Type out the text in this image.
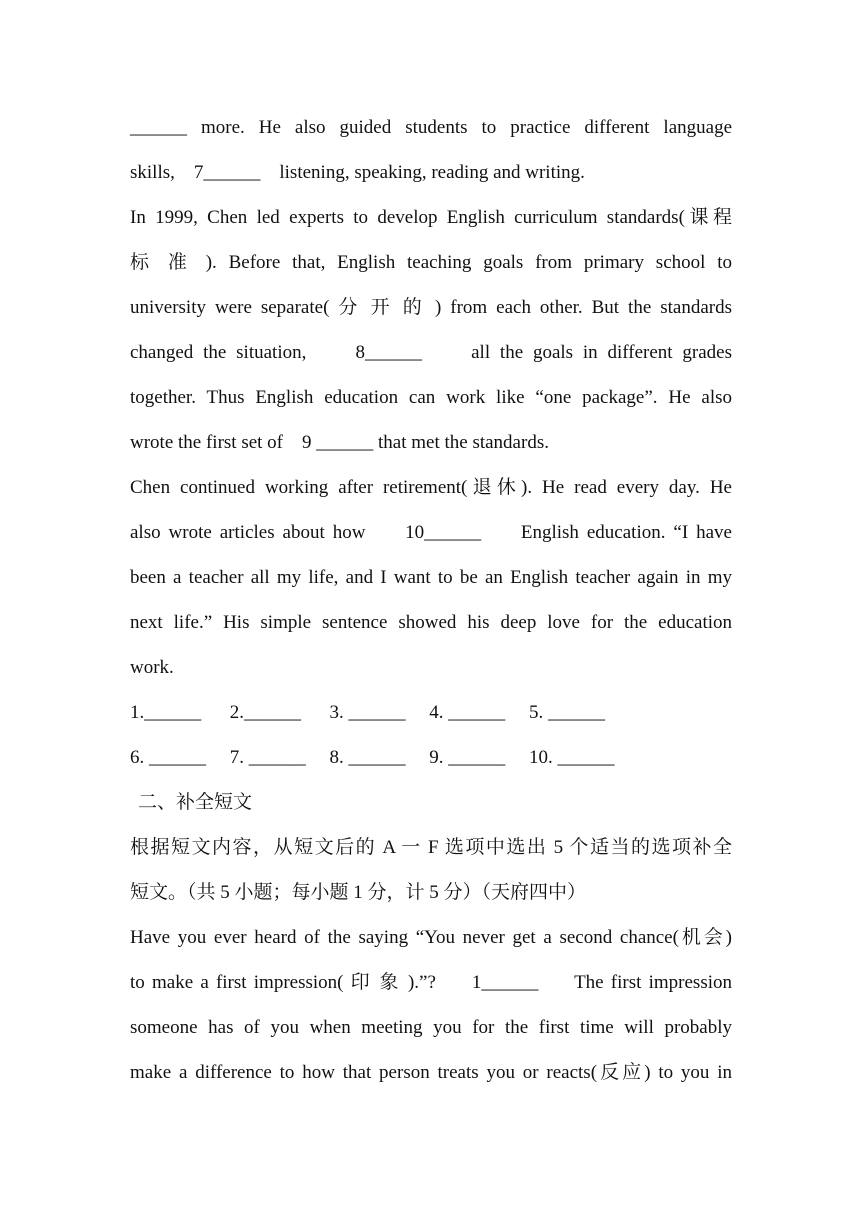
______ more. He also guided students to practice different language
skills,    7______    listening, speaking, reading and writing.
In 1999, Chen led experts to develop English curriculum standards(课程
标 准 ). Before that, English teaching goals from primary school to
university were separate( 分 开 的 ) from each other. But the standards
changed the situation,     8______     all the goals in different grades
together. Thus English education can work like “one package”. He also
wrote the first set of    9 ______ that met the standards.
Chen continued working after retirement(退休). He read every day. He
also wrote articles about how     10______     English education. “I have
been a teacher all my life, and I want to be an English teacher again in my
next life.” His simple sentence showed his deep love for the education
work.
1.______      2.______      3. ______     4. ______     5. ______
6. ______     7. ______     8. ______     9. ______     10. ______
二、补全短文
根据短文内容，从短文后的 A 一 F 选项中选出 5 个适当的选项补全
短文。（共 5 小题；每小题 1 分，计 5 分）（天府四中）
Have you ever heard of the saying “You never get a second chance(机会)
to make a first impression( 印 象 ).”?     1______     The first impression
someone has of you when meeting you for the first time will probably
make a difference to how that person treats you or reacts(反应) to you in
